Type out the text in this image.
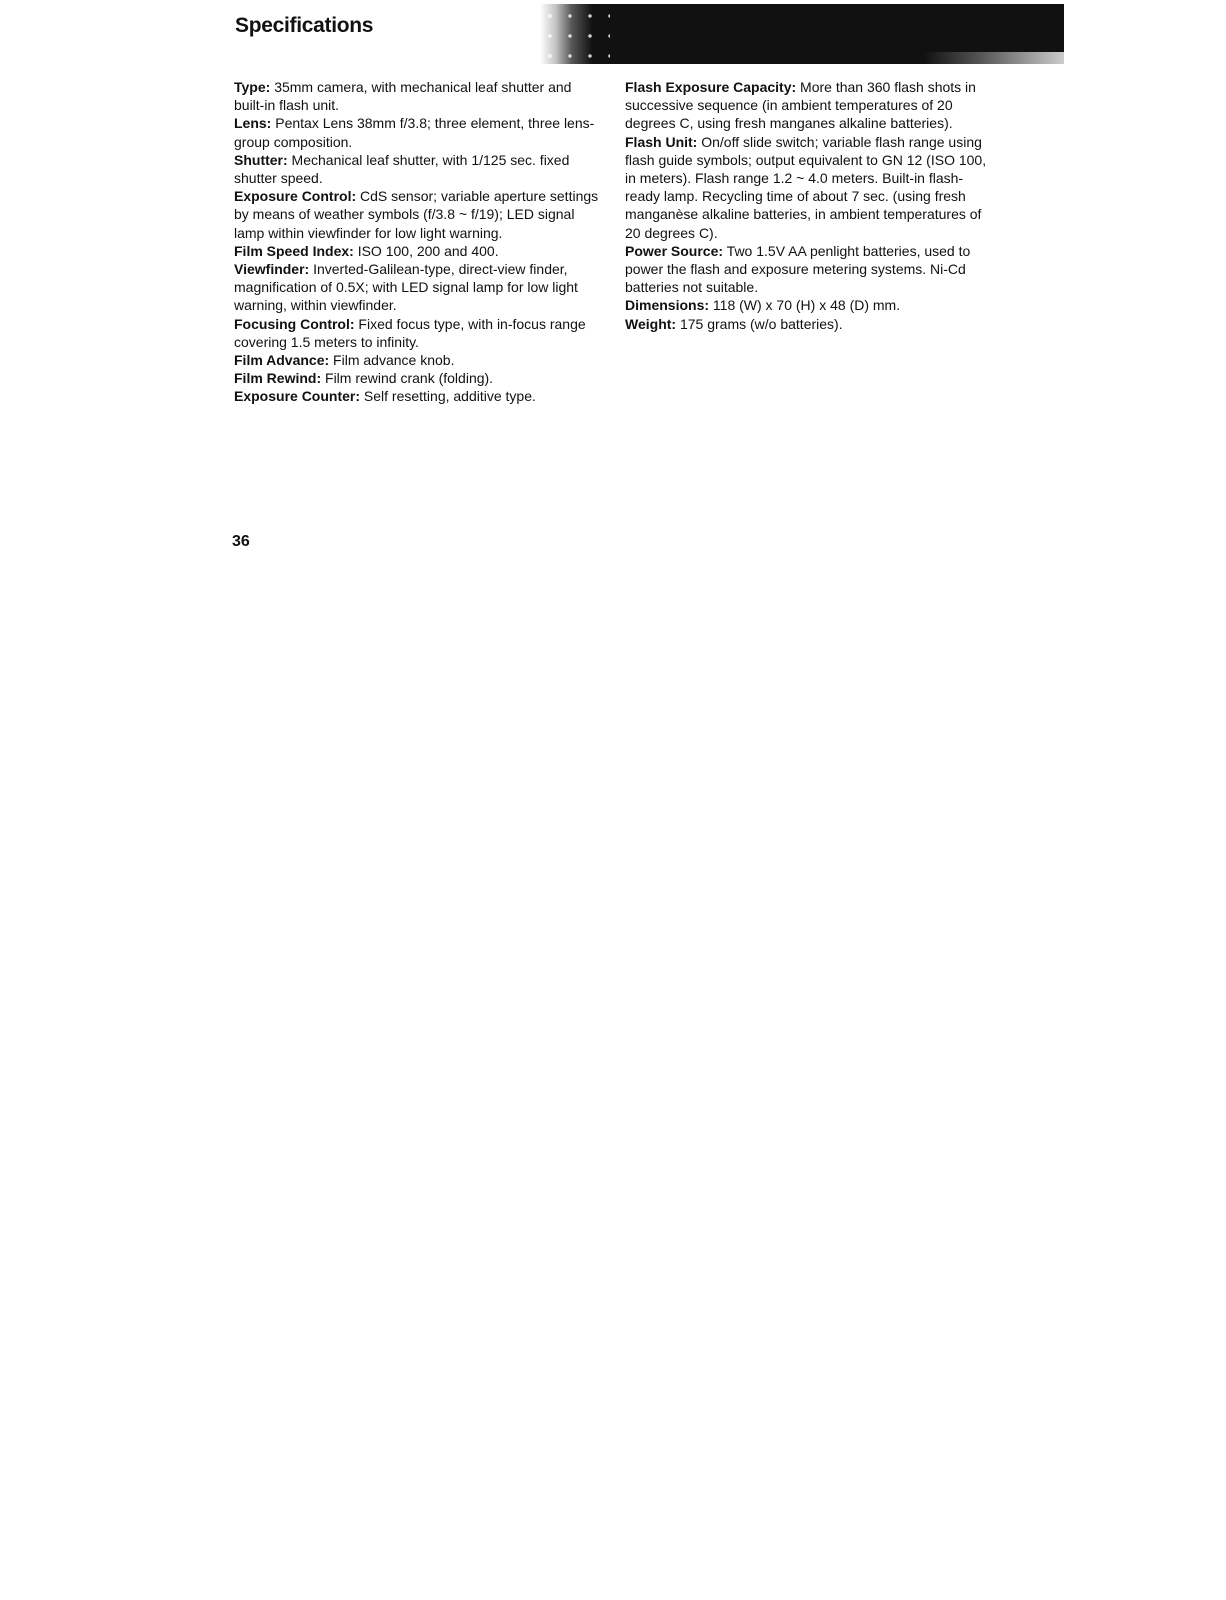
Specifications

Type: 35mm camera, with mechanical leaf shutter and built-in flash unit.

Lens: Pentax Lens 38mm f/3.8; three element, three lens-group composition.

Shutter: Mechanical leaf shutter, with 1/125 sec. fixed shutter speed.

Exposure Control: CdS sensor; variable aperture settings by means of weather symbols (f/3.8 ~ f/19); LED signal lamp within viewfinder for low light warning.

Film Speed Index: ISO 100, 200 and 400.

Viewfinder: Inverted-Galilean-type, direct-view finder, magnification of 0.5X; with LED signal lamp for low light warning, within viewfinder.

Focusing Control: Fixed focus type, with in-focus range covering 1.5 meters to infinity.

Film Advance: Film advance knob.

Film Rewind: Film rewind crank (folding).

Exposure Counter: Self resetting, additive type.

Flash Exposure Capacity: More than 360 flash shots in successive sequence (in ambient temperatures of 20 degrees C, using fresh manganes alkaline batteries).

Flash Unit: On/off slide switch; variable flash range using flash guide symbols; output equivalent to GN 12 (ISO 100, in meters). Flash range 1.2 ~ 4.0 meters. Built-in flash-ready lamp. Recycling time of about 7 sec. (using fresh manganèse alkaline batteries, in ambient temperatures of 20 degrees C).

Power Source: Two 1.5V AA penlight batteries, used to power the flash and exposure metering systems. Ni-Cd batteries not suitable.

Dimensions: 118 (W) x 70 (H) x 48 (D) mm.

Weight: 175 grams (w/o batteries).

36
